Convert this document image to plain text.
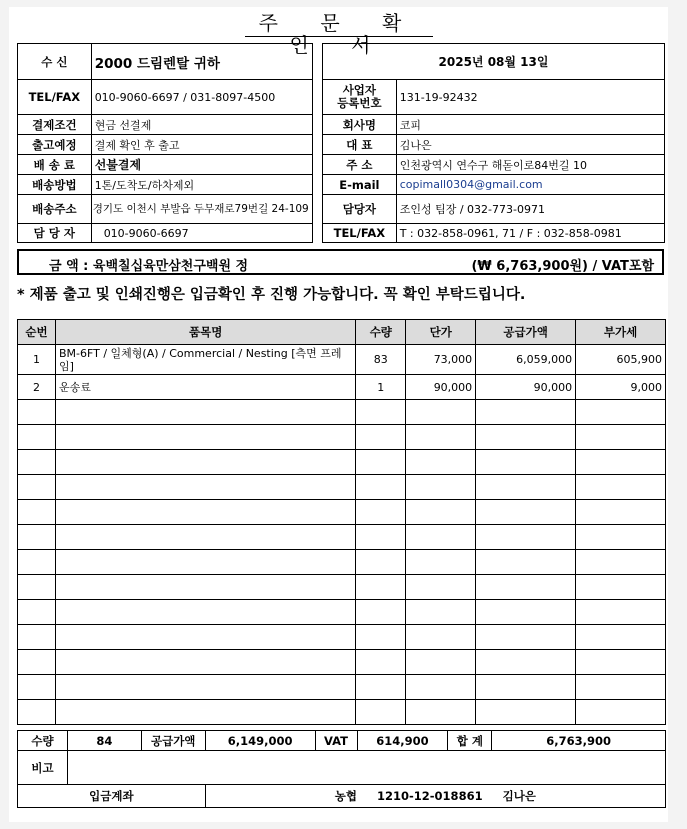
주 문 확 인 서
수 신	2000 드림렌탈 귀하
TEL/FAX	010-9060-6697 / 031-8097-4500
결제조건	현금 선결제
출고예정	결제 확인 후 출고
배 송 료	선불결제
배송방법	1톤/도착도/하차제외
배송주소	경기도 이천시 부발읍 두무재로79번길 24-109
담 당 자	010-9060-6697
2025년 08월 13일	
사업자
등록번호	131-19-92432
회사명	코피
대 표	김나은
주 소	인천광역시 연수구 해돋이로84번길 10
E-mail	copimall0304@gmail.com
담당자	조인성 팀장 / 032-773-0971
TEL/FAX	T : 032-858-0961, 71 / F : 032-858-0981
금 액 : 육백칠십육만삼천구백원 정	(₩ 6,763,900원) / VAT포함
* 제품 출고 및 인쇄진행은 입금확인 후 진행 가능합니다. 꼭 확인 부탁드립니다.
순번	품목명	수량	단가	공급가액	부가세
1	BM-6FT / 일체형(A) / Commercial / Nesting [측면 프레임]	83	73,000	6,059,000	605,900
2	운송료	1	90,000	90,000	9,000

수량	84	공급가액	6,149,000	VAT	614,900	합 계	6,763,900
비고							
입금계좌			농협     1210-12-018861     김나은				
